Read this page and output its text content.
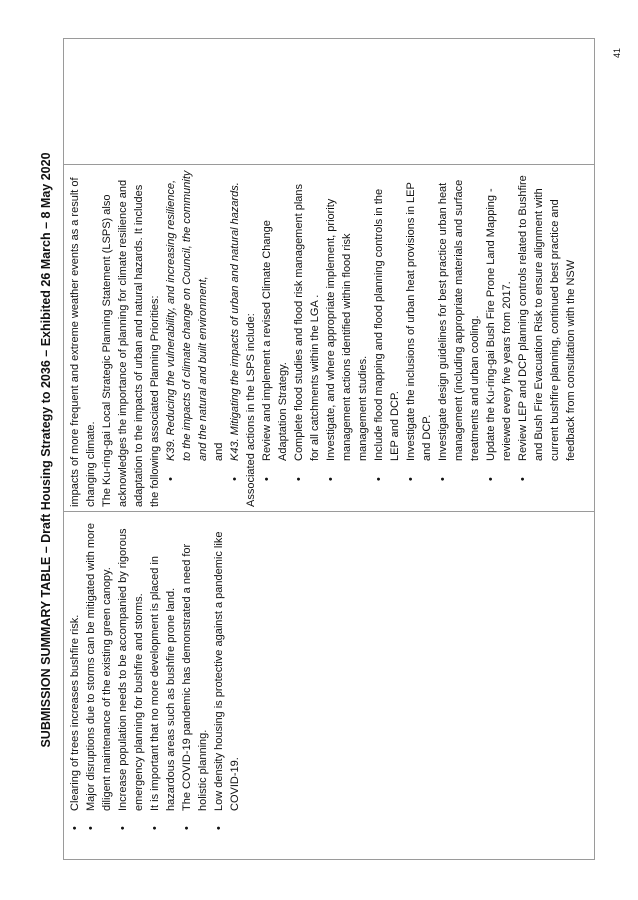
SUBMISSION SUMMARY TABLE – Draft Housing Strategy to 2036 – Exhibited 26 March – 8 May 2020 • Clearing of trees increases bushfire risk. • Major disruptions due to storms can be mitigated with more diligent maintenance of the existing green canopy. • Increase population needs to be accompanied by rigorous emergency planning for bushfire and storms. • It is important that no more development is placed in hazardous areas such as bushfire prone land. • The COVID-19 pandemic has demonstrated a need for holistic planning. • Low density housing is protective against a pandemic like COVID-19.

impacts of more frequent and extreme weather events as a result of changing climate. The Ku-ring-gai Local Strategic Planning Statement (LSPS) also acknowledges the importance of planning for climate resilience and adaptation to the impacts of urban and natural hazards. It includes the following associated Planning Priorities: • K39. Reducing the vulnerability, and increasing resilience, to the impacts of climate change on Council, the community and the natural and built environment, and • K43. Mitigating the impacts of urban and natural hazards. Associated actions in the LSPS include: • Review and implement a revised Climate Change Adaptation Strategy. • Complete flood studies and flood risk management plans for all catchments within the LGA . • Investigate, and where appropriate implement, priority management actions identified within flood risk management studies. • Include flood mapping and flood planning controls in the LEP and DCP. • Investigate the inclusions of urban heat provisions in LEP and DCP. • Investigate design guidelines for best practice urban heat management (including appropriate materials and surface treatments and urban cooling. • Update the Ku-ring-gai Bush Fire Prone Land Mapping - reviewed every five years from 2017. • Review LEP and DCP planning controls related to Bushfire and Bush Fire Evacuation Risk to ensure alignment with current bushfire planning, continued best practice and feedback from consultation with the NSW
41
